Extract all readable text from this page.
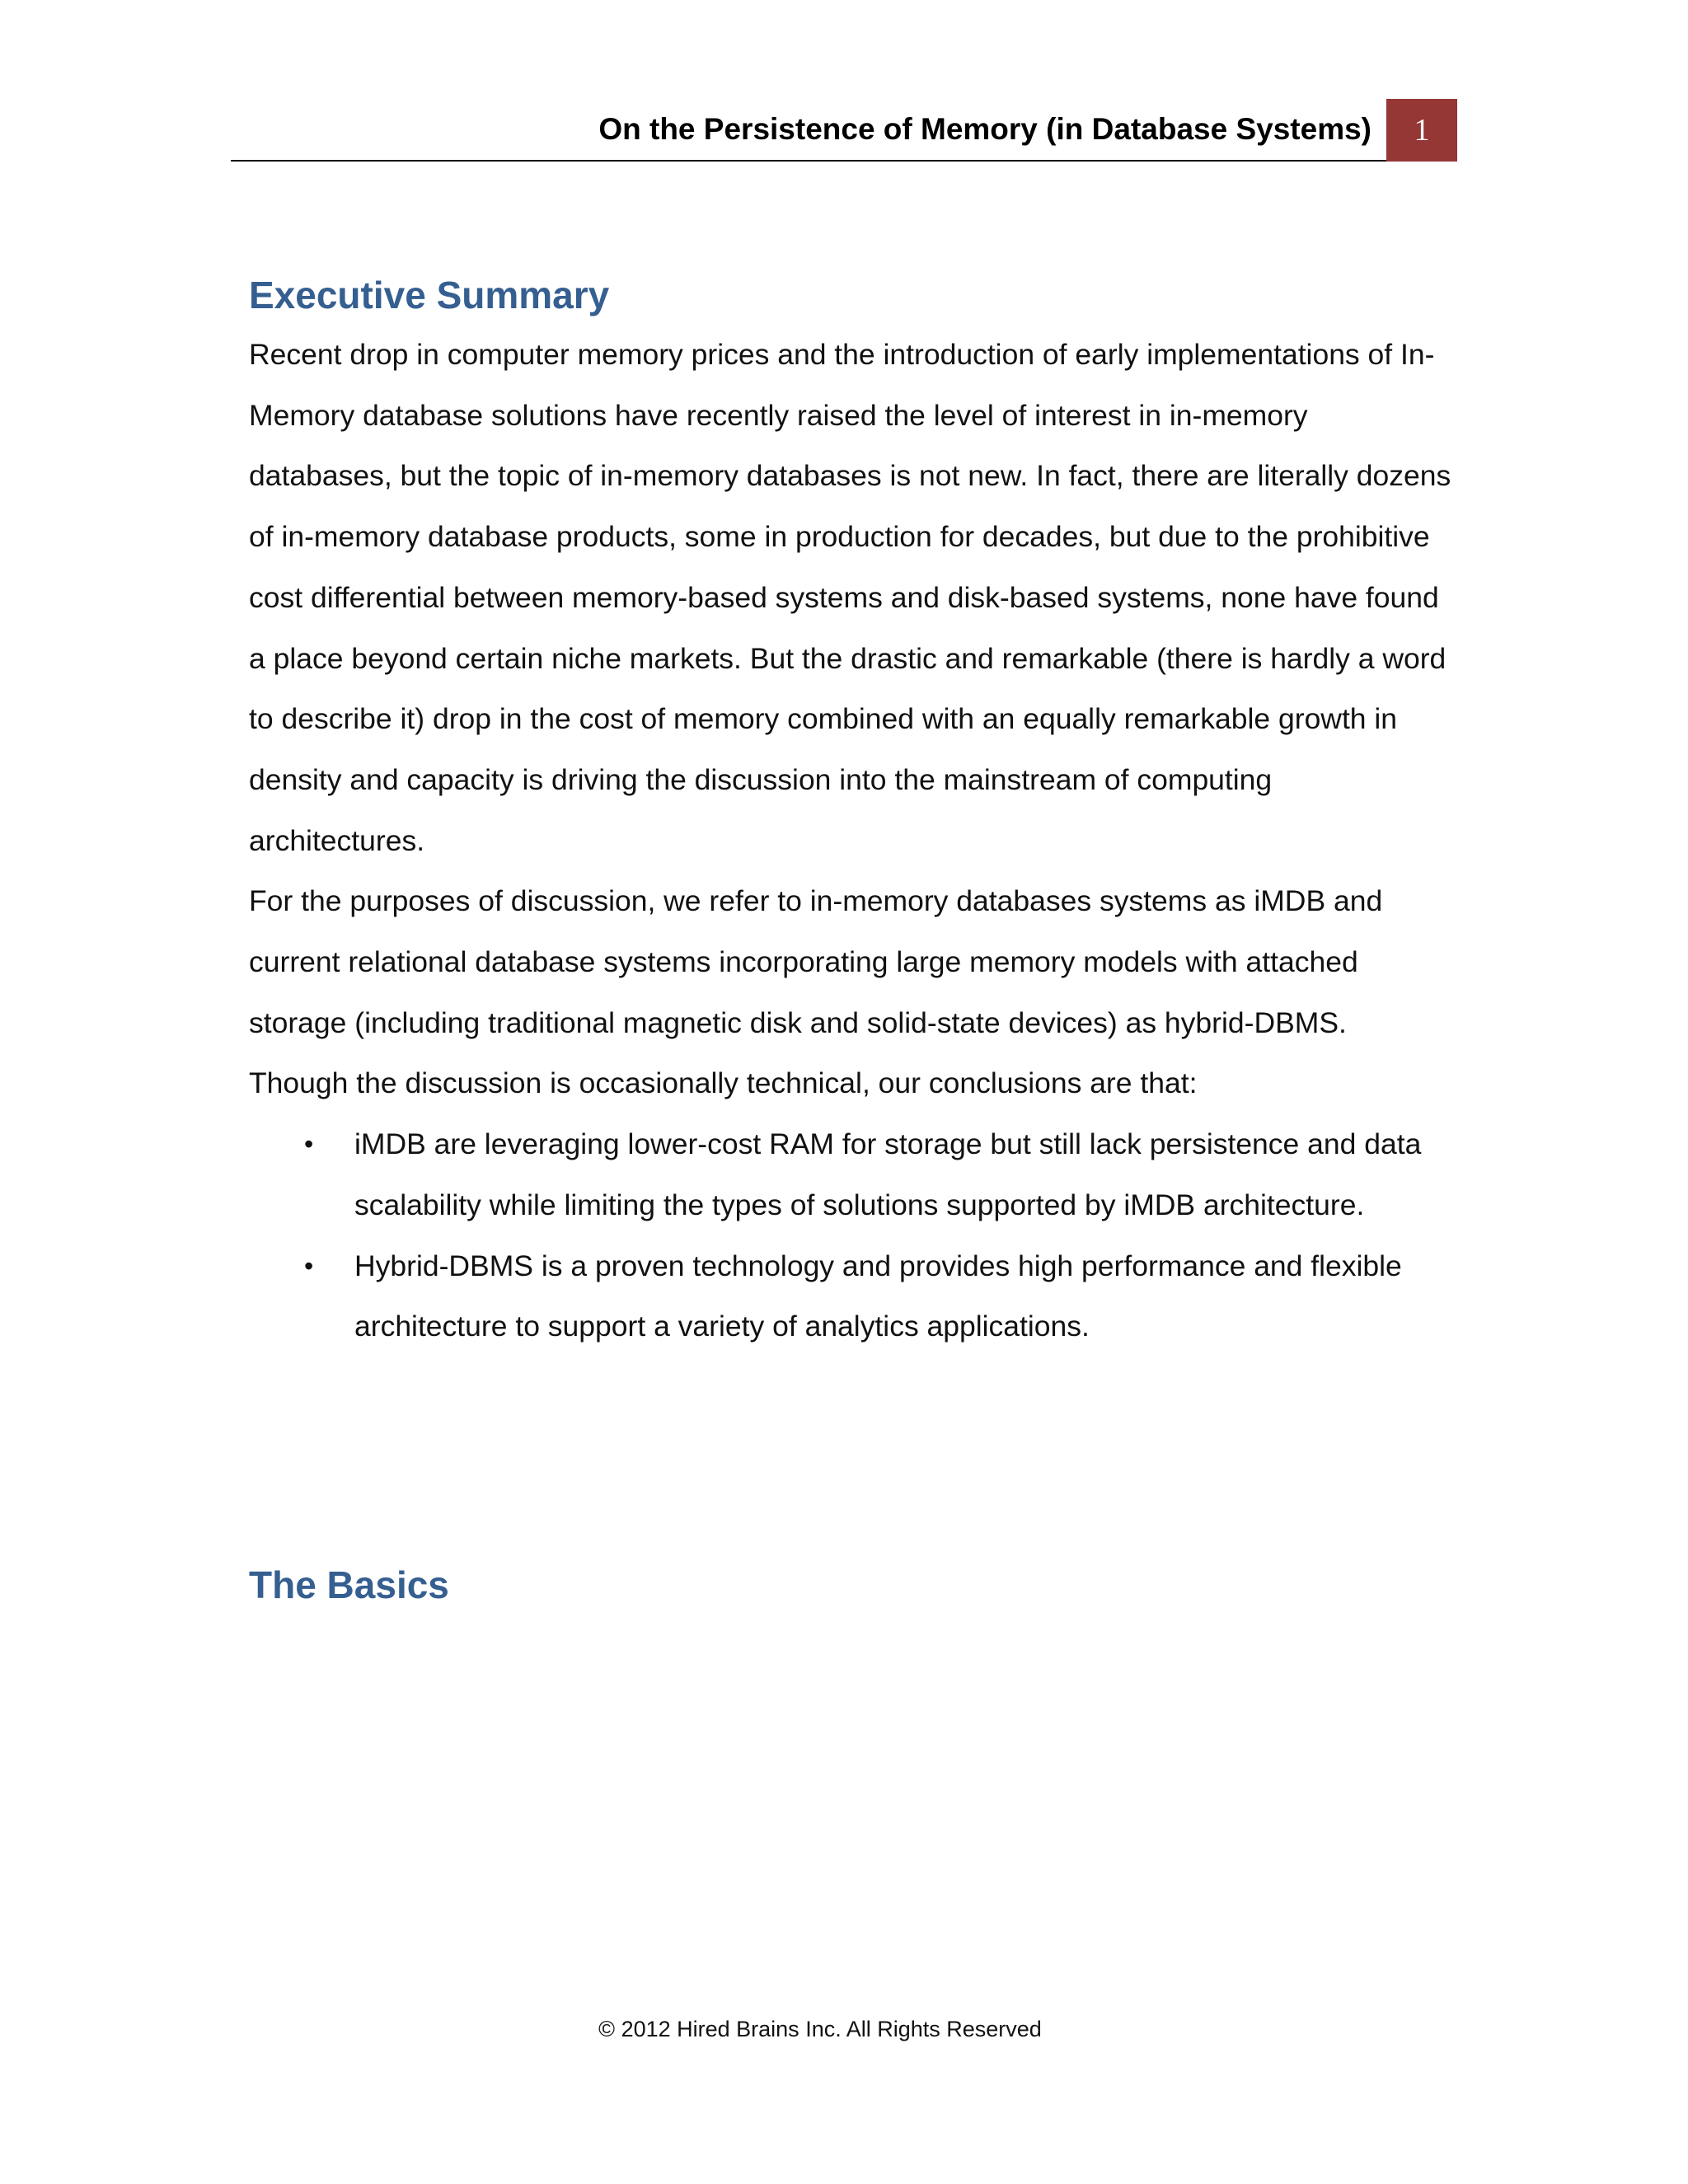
On the Persistence of Memory (in Database Systems)	1
Executive Summary

Recent drop in computer memory prices and the introduction of early implementations of In-Memory database solutions have recently raised the level of interest in in-memory databases, but the topic of in-memory databases is not new. In fact, there are literally dozens of in-memory database products, some in production for decades, but due to the prohibitive cost differential between memory-based systems and disk-based systems, none have found a place beyond certain niche markets. But the drastic and remarkable (there is hardly a word to describe it) drop in the cost of memory combined with an equally remarkable growth in density and capacity is driving the discussion into the mainstream of computing architectures.

For the purposes of discussion, we refer to in-memory databases systems as iMDB and current relational database systems incorporating large memory models with attached storage (including traditional magnetic disk and solid-state devices) as hybrid-DBMS. Though the discussion is occasionally technical, our conclusions are that:

• iMDB are leveraging lower-cost RAM for storage but still lack persistence and data scalability while limiting the types of solutions supported by iMDB architecture.
• Hybrid-DBMS is a proven technology and provides high performance and flexible architecture to support a variety of analytics applications.
The Basics
© 2012 Hired Brains Inc. All Rights Reserved
